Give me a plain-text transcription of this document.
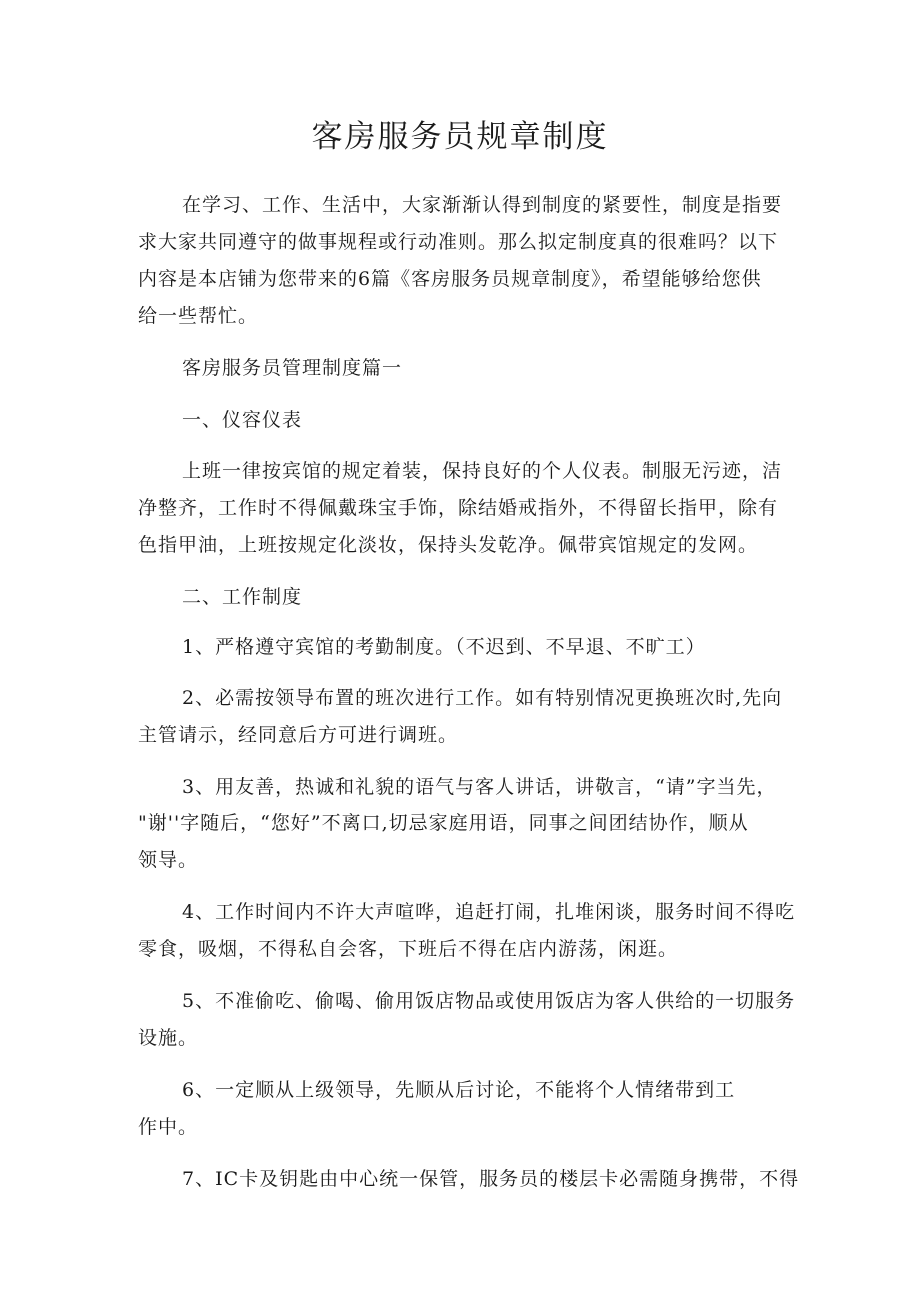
客房服务员规章制度
在学习、工作、生活中，大家渐渐认得到制度的紧要性，制度是指要
求大家共同遵守的做事规程或行动准则。那么拟定制度真的很难吗？以下
内容是本店铺为您带来的6篇《客房服务员规章制度》，希望能够给您供
给一些帮忙。
客房服务员管理制度篇一
一、仪容仪表
上班一律按宾馆的规定着装，保持良好的个人仪表。制服无污迹，洁
净整齐，工作时不得佩戴珠宝手饰，除结婚戒指外，不得留长指甲，除有
色指甲油，上班按规定化淡妆，保持头发乾净。佩带宾馆规定的发网。
二、工作制度
1、严格遵守宾馆的考勤制度。（不迟到、不早退、不旷工）
2、必需按领导布置的班次进行工作。如有特别情况更换班次时,先向
主管请示，经同意后方可进行调班。
3、用友善，热诚和礼貌的语气与客人讲话，讲敬言，“请”字当先，
"谢''字随后，“您好”不离口,切忌家庭用语，同事之间团结协作，顺从
领导。
4、工作时间内不许大声喧哗，追赶打闹，扎堆闲谈，服务时间不得吃
零食，吸烟，不得私自会客，下班后不得在店内游荡，闲逛。
5、不准偷吃、偷喝、偷用饭店物品或使用饭店为客人供给的一切服务
设施。
6、一定顺从上级领导，先顺从后讨论，不能将个人情绪带到工
作中。
7、IC卡及钥匙由中心统一保管，服务员的楼层卡必需随身携带，不得
